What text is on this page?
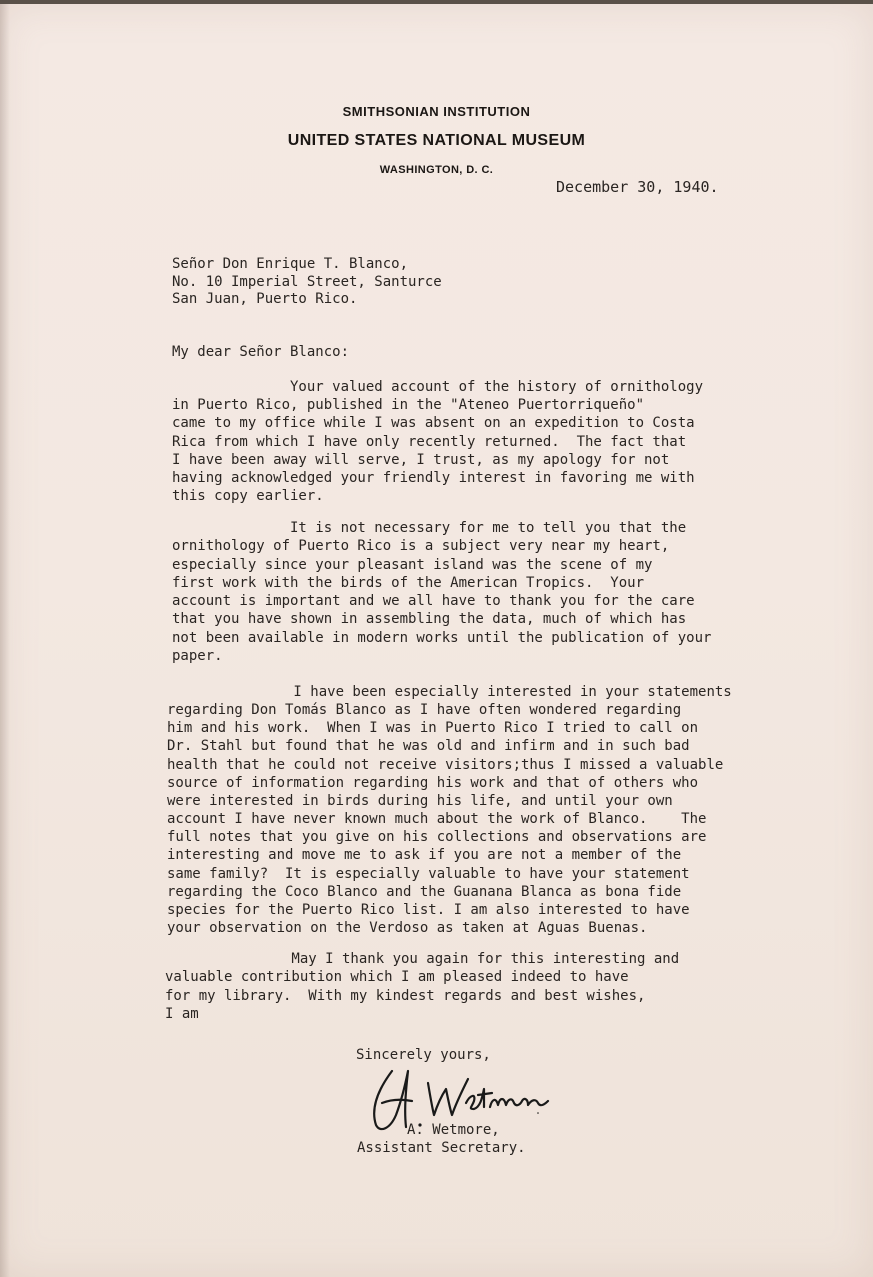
SMITHSONIAN INSTITUTION
UNITED STATES NATIONAL MUSEUM
WASHINGTON, D. C.
December 30, 1940.
Señor Don Enrique T. Blanco,
No. 10 Imperial Street, Santurce
San Juan, Puerto Rico.
My dear Señor Blanco:
Your valued account of the history of ornithology
in Puerto Rico, published in the "Ateneo Puertorriqueño"
came to my office while I was absent on an expedition to Costa
Rica from which I have only recently returned.  The fact that
I have been away will serve, I trust, as my apology for not
having acknowledged your friendly interest in favoring me with
this copy earlier.
It is not necessary for me to tell you that the
ornithology of Puerto Rico is a subject very near my heart,
especially since your pleasant island was the scene of my
first work with the birds of the American Tropics.  Your
account is important and we all have to thank you for the care
that you have shown in assembling the data, much of which has
not been available in modern works until the publication of your
paper.
I have been especially interested in your statements
regarding Don Tomás Blanco as I have often wondered regarding
him and his work.  When I was in Puerto Rico I tried to call on
Dr. Stahl but found that he was old and infirm and in such bad
health that he could not receive visitors;thus I missed a valuable
source of information regarding his work and that of others who
were interested in birds during his life, and until your own
account I have never known much about the work of Blanco.    The
full notes that you give on his collections and observations are
interesting and move me to ask if you are not a member of the
same family?  It is especially valuable to have your statement
regarding the Coco Blanco and the Guanana Blanca as bona fide
species for the Puerto Rico list. I am also interested to have
your observation on the Verdoso as taken at Aguas Buenas.
May I thank you again for this interesting and
valuable contribution which I am pleased indeed to have
for my library.  With my kindest regards and best wishes,
I am
Sincerely yours,
A. Wetmore,
Assistant Secretary.
